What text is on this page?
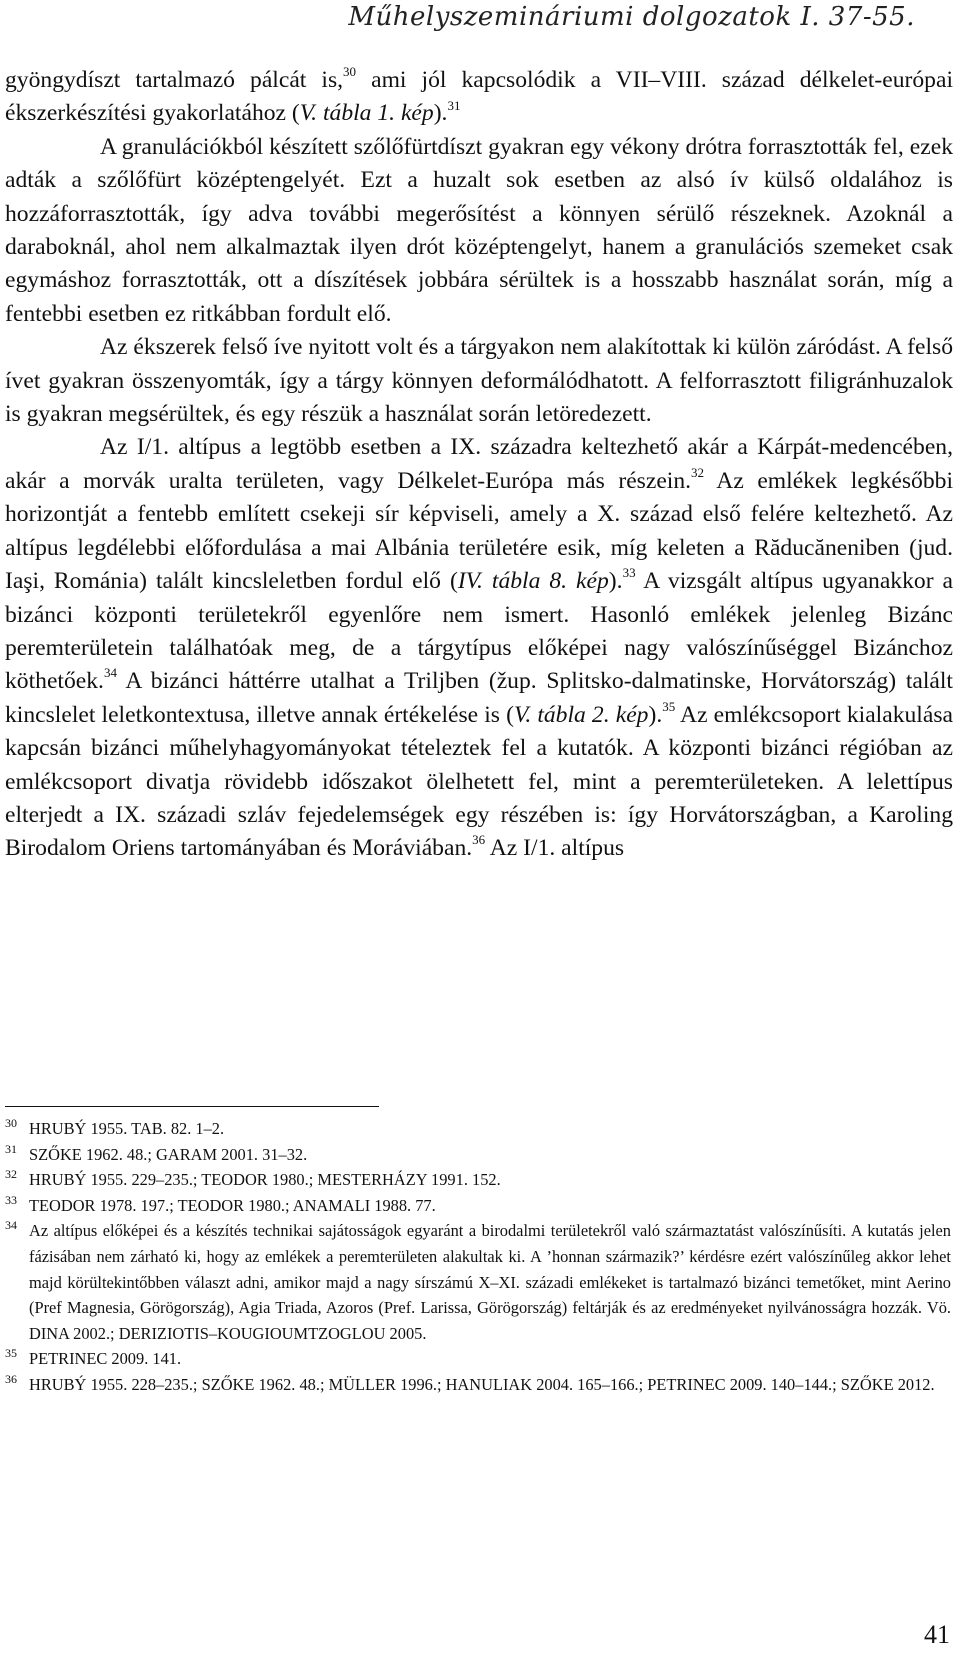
Műhelyszemináriumi dolgozatok I. 37-55.

gyöngydíszt tartalmazó pálcát is,$^{30}$ ami jól kapcsolódik a VII–VIII. század délkelet-európai ékszerkészítési gyakorlatához (V. tábla 1. kép).$^{31}$

A granulációkból készített szőlőfürtdíszt gyakran egy vékony drótra forrasztották fel, ezek adták a szőlőfürt középtengelyét. Ezt a huzalt sok esetben az alsó ív külső oldalához is hozzáforrasztották, így adva további megerősítést a könnyen sérülő részeknek. Azoknál a daraboknál, ahol nem alkalmaztak ilyen drót középtengelyt, hanem a granulációs szemeket csak egymáshoz forrasztották, ott a díszítések jobbára sérültek is a hosszabb használat során, míg a fentebbi esetben ez ritkábban fordult elő.

Az ékszerek felső íve nyitott volt és a tárgyakon nem alakítottak ki külön záródást. A felső ívet gyakran összenyomták, így a tárgy könnyen deformálódhatott. A felforrasztott filigránhuzalok is gyakran megsérültek, és egy részük a használat során letöredezett.

Az I/1. altípus a legtöbb esetben a IX. századra keltezhető akár a Kárpát-medencében, akár a morvák uralta területen, vagy Délkelet-Európa más részein.$^{32}$ Az emlékek legkésőbbi horizontját a fentebb említett csekeji sír képviseli, amely a X. század első felére keltezhető. Az altípus legdélebbi előfordulása a mai Albánia területére esik, míg keleten a Răducăneniben (jud. Iaşi, Románia) talált kincsleletben fordul elő (IV. tábla 8. kép).$^{33}$ A vizsgált altípus ugyanakkor a bizánci központi területekről egyenlőre nem ismert. Hasonló emlékek jelenleg Bizánc peremterületein találhatóak meg, de a tárgytípus előképei nagy valószínűséggel Bizánchoz köthetőek.$^{34}$ A bizánci háttérre utalhat a Triljben (žup. Splitsko-dalmatinske, Horvátország) talált kincslelet leletkontextusa, illetve annak értékelése is (V. tábla 2. kép).$^{35}$ Az emlékcsoport kialakulása kapcsán bizánci műhelyhagyományokat tételeztek fel a kutatók. A központi bizánci régióban az emlékcsoport divatja rövidebb időszakot ölelhetett fel, mint a peremterületeken. A lelettípus elterjedt a IX. századi szláv fejedelemségek egy részében is: így Horvátországban, a Karoling Birodalom Oriens tartományában és Moráviában.$^{36}$ Az I/1. altípus

30 HRUBÝ 1955. TAB. 82. 1–2.
31 SZŐKE 1962. 48.; GARAM 2001. 31–32.
32 HRUBÝ 1955. 229–235.; TEODOR 1980.; MESTERHÁZY 1991. 152.
33 TEODOR 1978. 197.; TEODOR 1980.; ANAMALI 1988. 77.
34 Az altípus előképei és a készítés technikai sajátosságok egyaránt a birodalmi területekről való származtatást valószínűsíti. A kutatás jelen fázisában nem zárható ki, hogy az emlékek a peremterületen alakultak ki. A ’honnan származik?’ kérdésre ezért valószínűleg akkor lehet majd körültekintőbben választ adni, amikor majd a nagy sírszámú X–XI. századi emlékeket is tartalmazó bizánci temetőket, mint Aerino (Pref Magnesia, Görögország), Agia Triada, Azoros (Pref. Larissa, Görögország) feltárják és az eredményeket nyilvánosságra hozzák. Vö. DINA 2002.; DERIZIOTIS–KOUGIOUMTZOGLOU 2005.
35 PETRINEC 2009. 141.
36 HRUBÝ 1955. 228–235.; SZŐKE 1962. 48.; MÜLLER 1996.; HANULIAK 2004. 165–166.; PETRINEC 2009. 140–144.; SZŐKE 2012.
41
